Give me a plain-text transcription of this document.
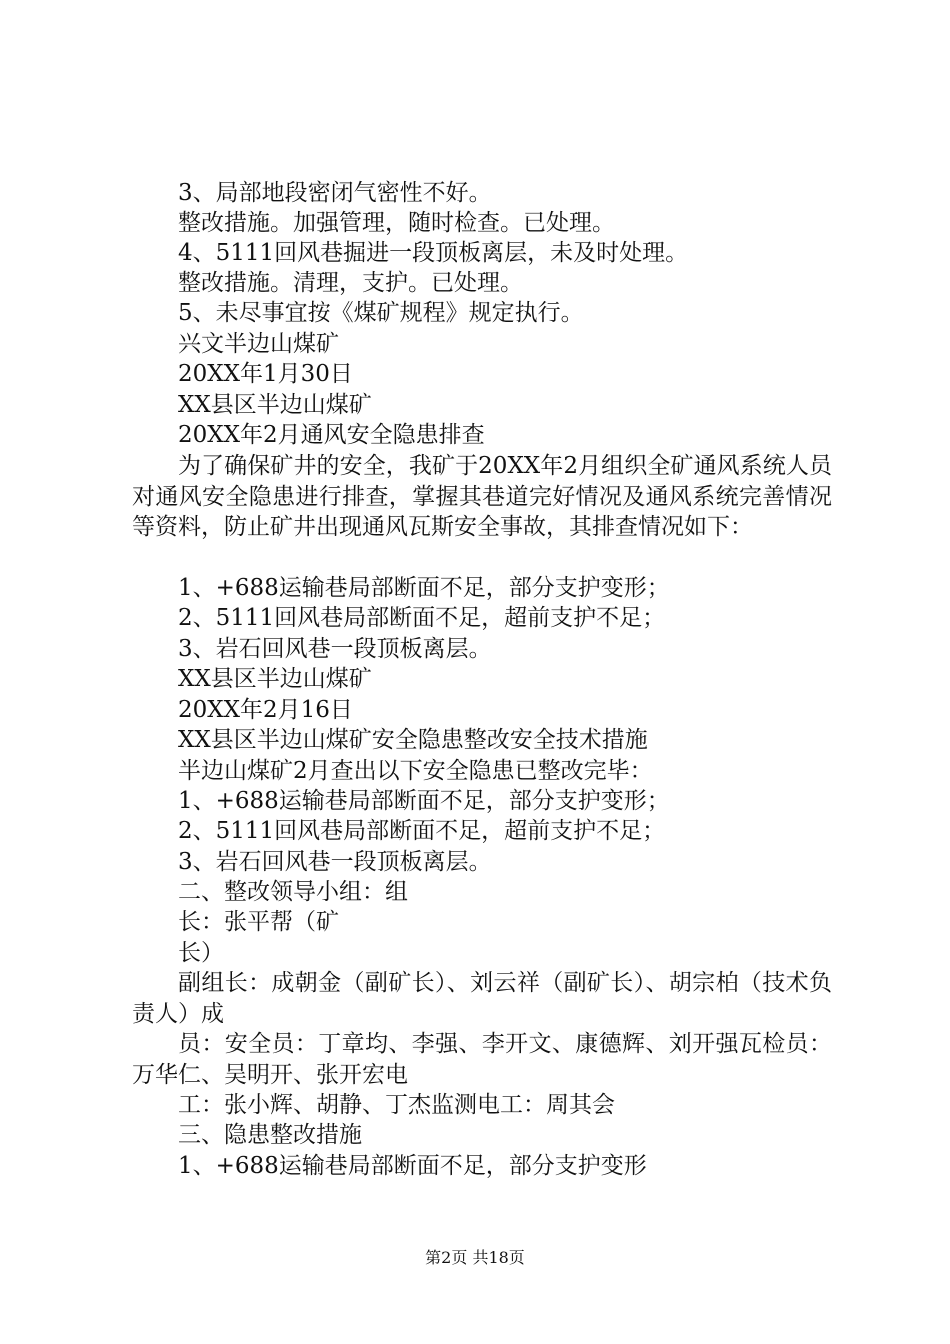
3、局部地段密闭气密性不好。
整改措施。加强管理，随时检查。已处理。
4、5111回风巷掘进一段顶板离层，未及时处理。
整改措施。清理，支护。已处理。
5、未尽事宜按《煤矿规程》规定执行。
兴文半边山煤矿
20XX年1月30日
XX县区半边山煤矿
20XX年2月通风安全隐患排查
为了确保矿井的安全，我矿于20XX年2月组织全矿通风系统人员对通风安全隐患进行排查，掌握其巷道完好情况及通风系统完善情况等资料，防止矿井出现通风瓦斯安全事故，其排查情况如下：
1、+688运输巷局部断面不足，部分支护变形；
2、5111回风巷局部断面不足，超前支护不足；
3、岩石回风巷一段顶板离层。
XX县区半边山煤矿
20XX年2月16日
XX县区半边山煤矿安全隐患整改安全技术措施
半边山煤矿2月查出以下安全隐患已整改完毕：
1、+688运输巷局部断面不足，部分支护变形；
2、5111回风巷局部断面不足，超前支护不足；
3、岩石回风巷一段顶板离层。
二、整改领导小组：组
长：张平帮（矿
长）
副组长：成朝金（副矿长）、刘云祥（副矿长）、胡宗柏（技术负责人）成
员：安全员：丁章均、李强、李开文、康德辉、刘开强瓦检员：万华仁、吴明开、张开宏电
工：张小辉、胡静、丁杰监测电工：周其会
三、隐患整改措施
1、+688运输巷局部断面不足，部分支护变形
第2页 共18页
